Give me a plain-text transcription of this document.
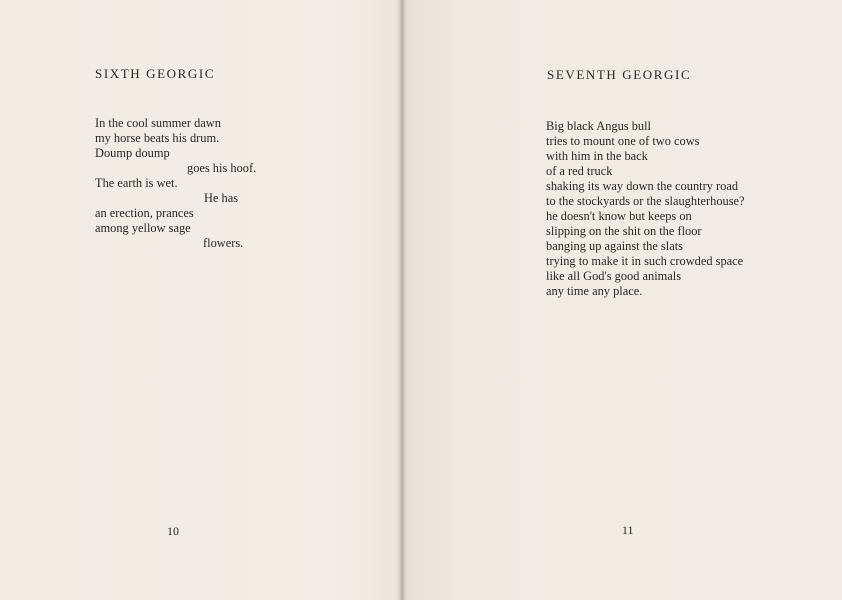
SIXTH GEORGIC
In the cool summer dawn
my horse beats his drum.
Doump doump
goes his hoof.
The earth is wet.
He has
an erection, prances
among yellow sage
flowers.
10
SEVENTH GEORGIC
Big black Angus bull
tries to mount one of two cows
with him in the back
of a red truck
shaking its way down the country road
to the stockyards or the slaughterhouse?
he doesn't know but keeps on
slipping on the shit on the floor
banging up against the slats
trying to make it in such crowded space
like all God's good animals
any time any place.
11
